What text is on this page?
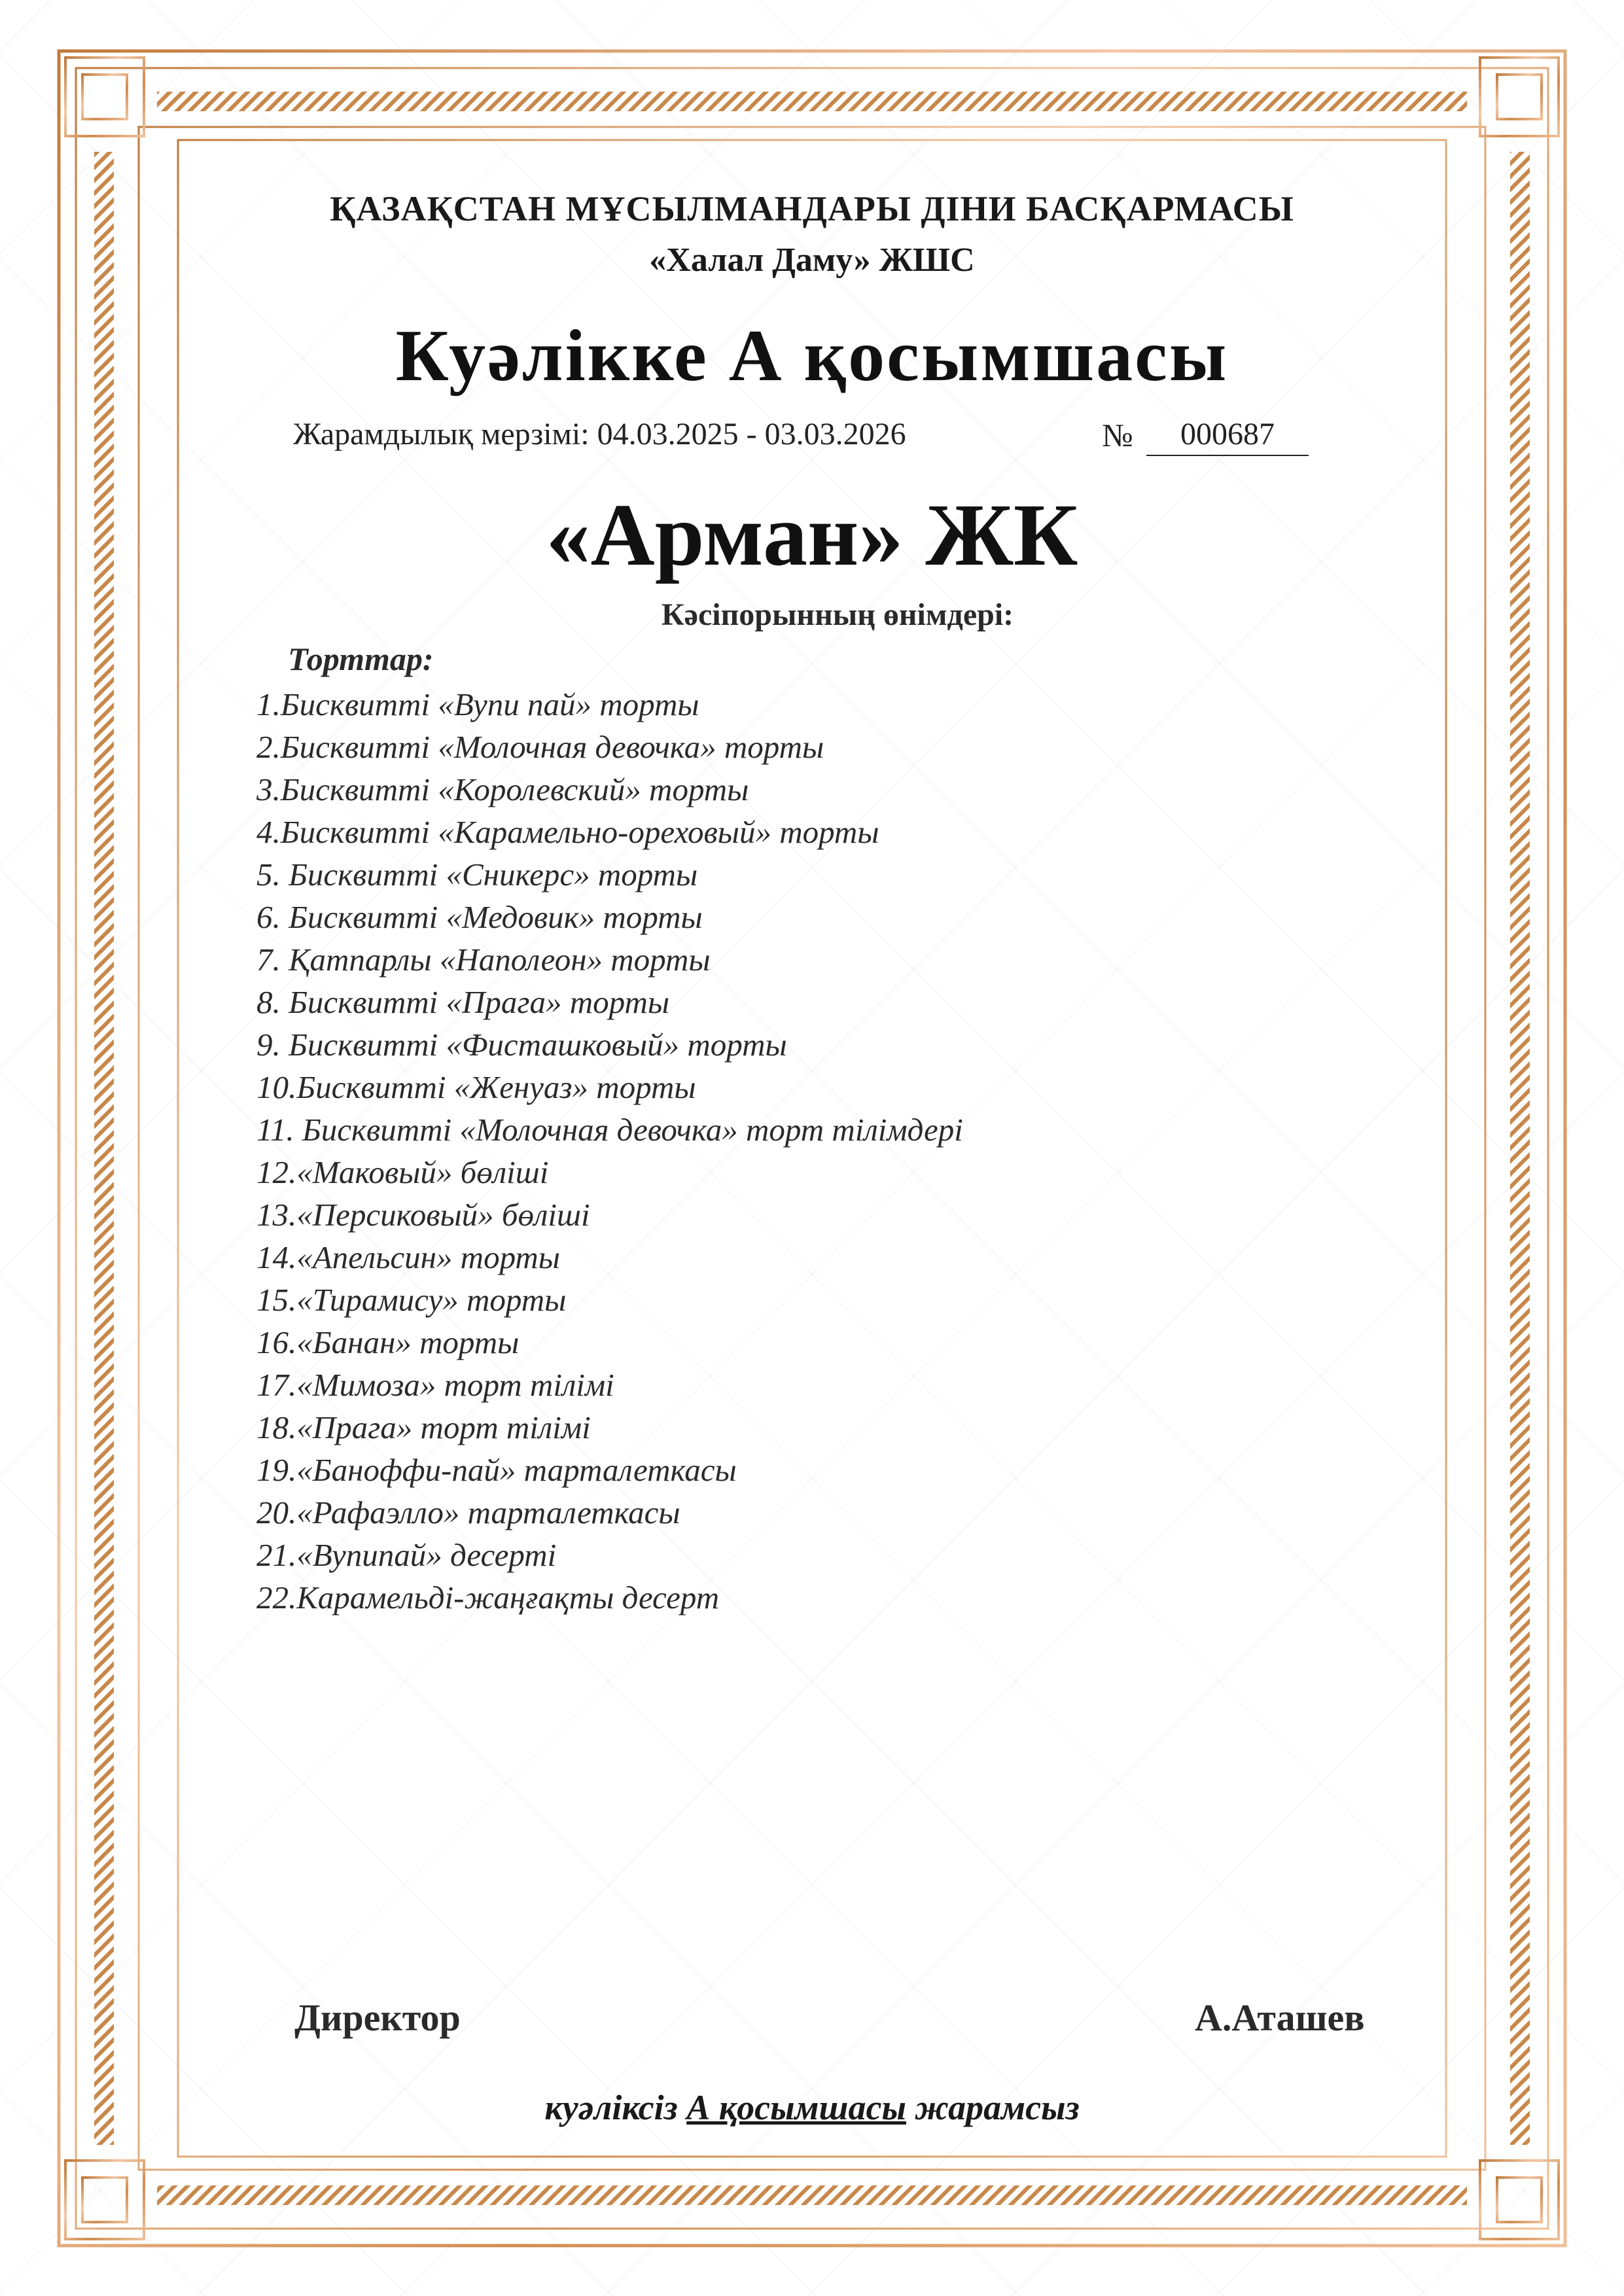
ҚАЗАҚСТАН МҰСЫЛМАНДАРЫ ДІНИ БАСҚАРМАСЫ
«Халал Даму» ЖШС
Куәлікке А қосымшасы
Жарамдылық мерзімі: 04.03.2025 - 03.03.2026	№	000687
«Арман» ЖК
Кәсіпорынның өнімдері:
Торттар:
1.Бисквитті «Вупи пай» торты
2.Бисквитті «Молочная девочка» торты
3.Бисквитті «Королевский» торты
4.Бисквитті «Карамельно-ореховый» торты
5. Бисквитті «Сникерс» торты
6. Бисквитті «Медовик» торты
7. Қатпарлы «Наполеон» торты
8. Бисквитті «Прага» торты
9. Бисквитті «Фисташковый» торты
10.Бисквитті «Женуаз» торты
11. Бисквитті «Молочная девочка» торт тілімдері
12.«Маковый» бөліші
13.«Персиковый» бөліші
14.«Апельсин» торты
15.«Тирамису» торты
16.«Банан» торты
17.«Мимоза» торт тілімі
18.«Прага» торт тілімі
19.«Баноффи-пай» тарталеткасы
20.«Рафаэлло» тарталеткасы
21.«Вупипай» десерті
22.Карамельді-жаңғақты десерт
Директор	А.Аташев
куәліксіз А қосымшасы жарамсыз
